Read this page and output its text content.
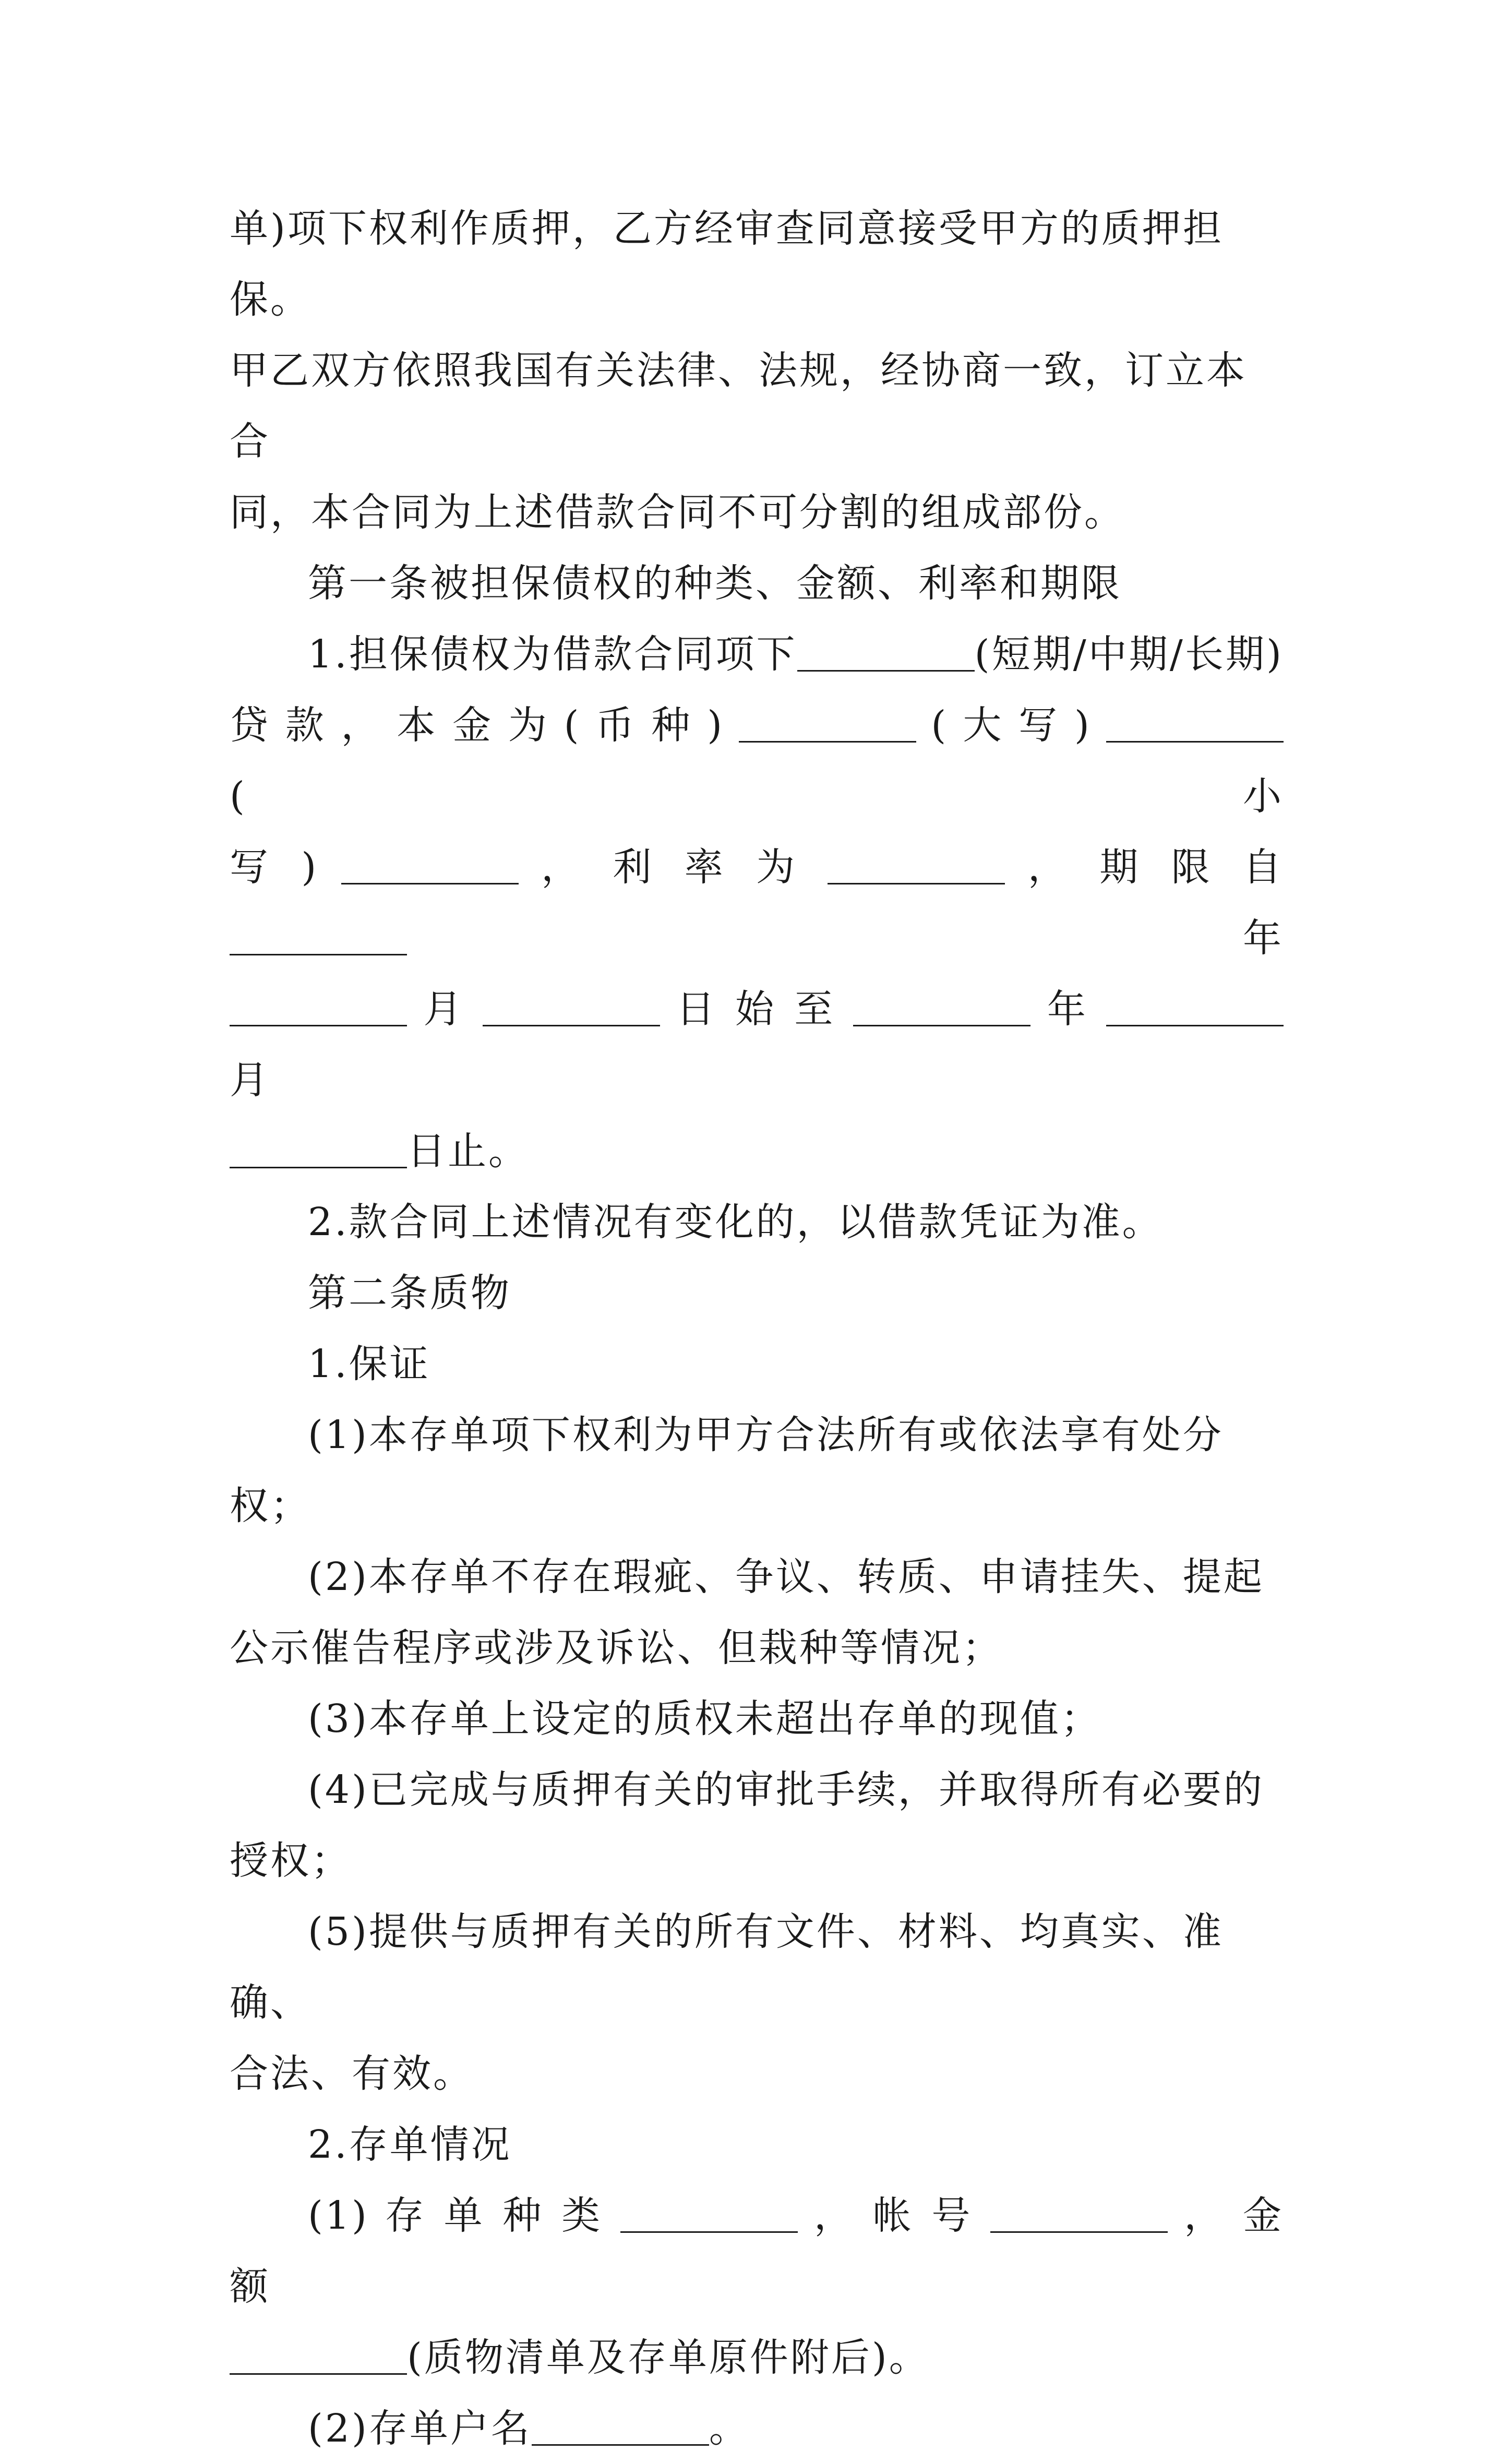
单)项下权利作质押，乙方经审查同意接受甲方的质押担保。

甲乙双方依照我国有关法律、法规，经协商一致，订立本合

同，本合同为上述借款合同不可分割的组成部份。

第一条被担保债权的种类、金额、利率和期限

1.担保债权为借款合同项下	(短期/中期/长期)

贷 款 ， 本 金 为 ( 币 种 )	( 大 写 )  ( 小

写 )	， 利 率 为	， 期 限 自  年

月	日 始 至	年  月

日止。

2.款合同上述情况有变化的，以借款凭证为准。

第二条质物

1.保证

(1)本存单项下权利为甲方合法所有或依法享有处分权；

(2)本存单不存在瑕疵、争议、转质、申请挂失、提起

公示催告程序或涉及诉讼、但栽种等情况；

(3)本存单上设定的质权未超出存单的现值；

(4)已完成与质押有关的审批手续，并取得所有必要的

授权；

(5)提供与质押有关的所有文件、材料、均真实、准确、

合法、有效。

2.存单情况

(1) 存 单 种 类	， 帐 号	， 金 额

(质物清单及存单原件附后)。

(2)存单户名	。
